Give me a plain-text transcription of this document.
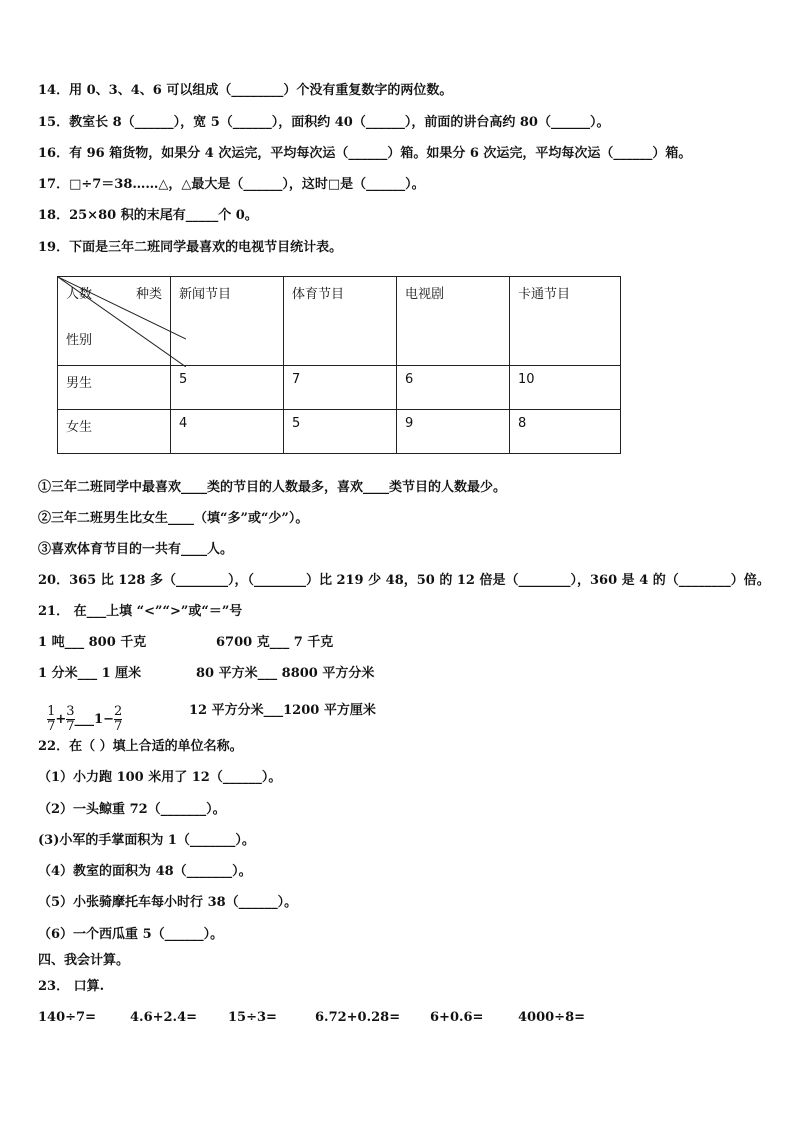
14．用 0、3、4、6 可以组成（________）个没有重复数字的两位数。
15．教室长 8（______），宽 5（______），面积约 40（______），前面的讲台高约 80（______）。
16．有 96 箱货物，如果分 4 次运完，平均每次运（______）箱。如果分 6 次运完，平均每次运（______）箱。
17．□÷7＝38……△，△最大是（______），这时□是（______）。
18．25×80 积的末尾有_____个 0。
19．下面是三年二班同学最喜欢的电视节目统计表。
人数 种类
性别	新闻节目	体育节目	电视剧	卡通节目
男生	5	7	6	10
女生	4	5	9	8
①三年二班同学中最喜欢____类的节目的人数最多，喜欢____类节目的人数最少。
②三年二班男生比女生____（填“多”或“少”）。
③喜欢体育节目的一共有____人。
20．365 比 128 多（________），（________）比 219 少 48，50 的 12 倍是（________），360 是 4 的（________）倍。
21． 在___上填 “<”“>”或“＝”号
1 吨___ 800 千克	6700 克___ 7 千克
1 分米___ 1 厘米	80 平方米___ 8800 平方分米

$\frac{1}{7} + \frac{3}{7}$ ___1− $\frac{2}{7}$	12 平方分米___1200 平方厘米
22．在（ ）填上合适的单位名称。
（1）小力跑 100 米用了 12（______）。
（2）一头鲸重 72（_______）。
(3)小军的手掌面积为 1（_______）。
（4）教室的面积为 48（_______）。
（5）小张骑摩托车每小时行 38（______）。
（6）一个西瓜重 5（______）。
四、我会计算。
23． 口算.
140÷7=	4.6+2.4= 15÷3=	6.72+0.28= 6+0.6=	4000÷8=
